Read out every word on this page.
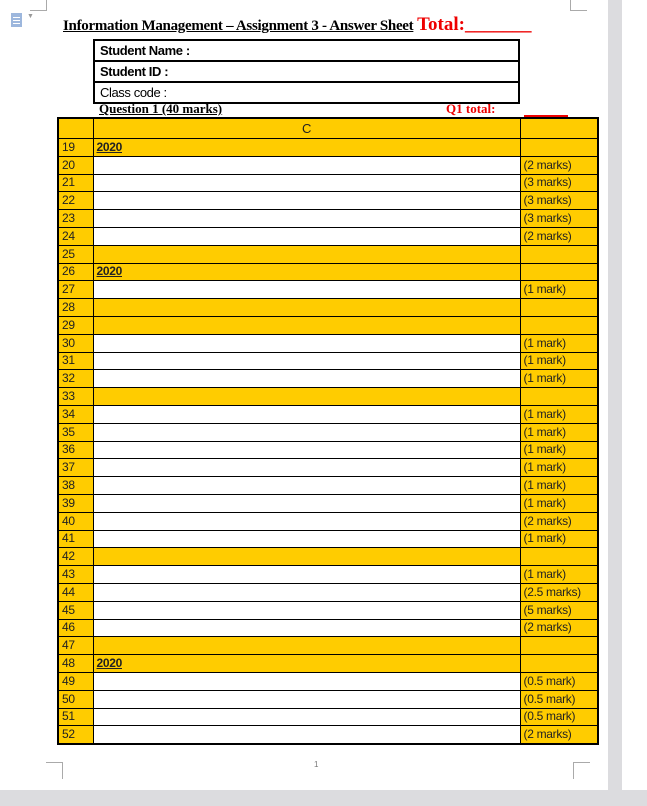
▼
Information Management – Assignment 3 - Answer Sheet Total:_______
Student Name :
Student ID :
Class code :
Question 1 (40 marks)	Q1 total:
	C	
19	2020	
20		(2 marks)
21		(3 marks)
22		(3 marks)
23		(3 marks)
24		(2 marks)
25		
26	2020	
27		(1 mark)
28		
29		
30		(1 mark)
31		(1 mark)
32		(1 mark)
33		
34		(1 mark)
35		(1 mark)
36		(1 mark)
37		(1 mark)
38		(1 mark)
39		(1 mark)
40		(2 marks)
41		(1 mark)
42		
43		(1 mark)
44		(2.5 marks)
45		(5 marks)
46		(2 marks)
47		
48	2020	
49		(0.5 mark)
50		(0.5 mark)
51		(0.5 mark)
52		(2 marks)
1
